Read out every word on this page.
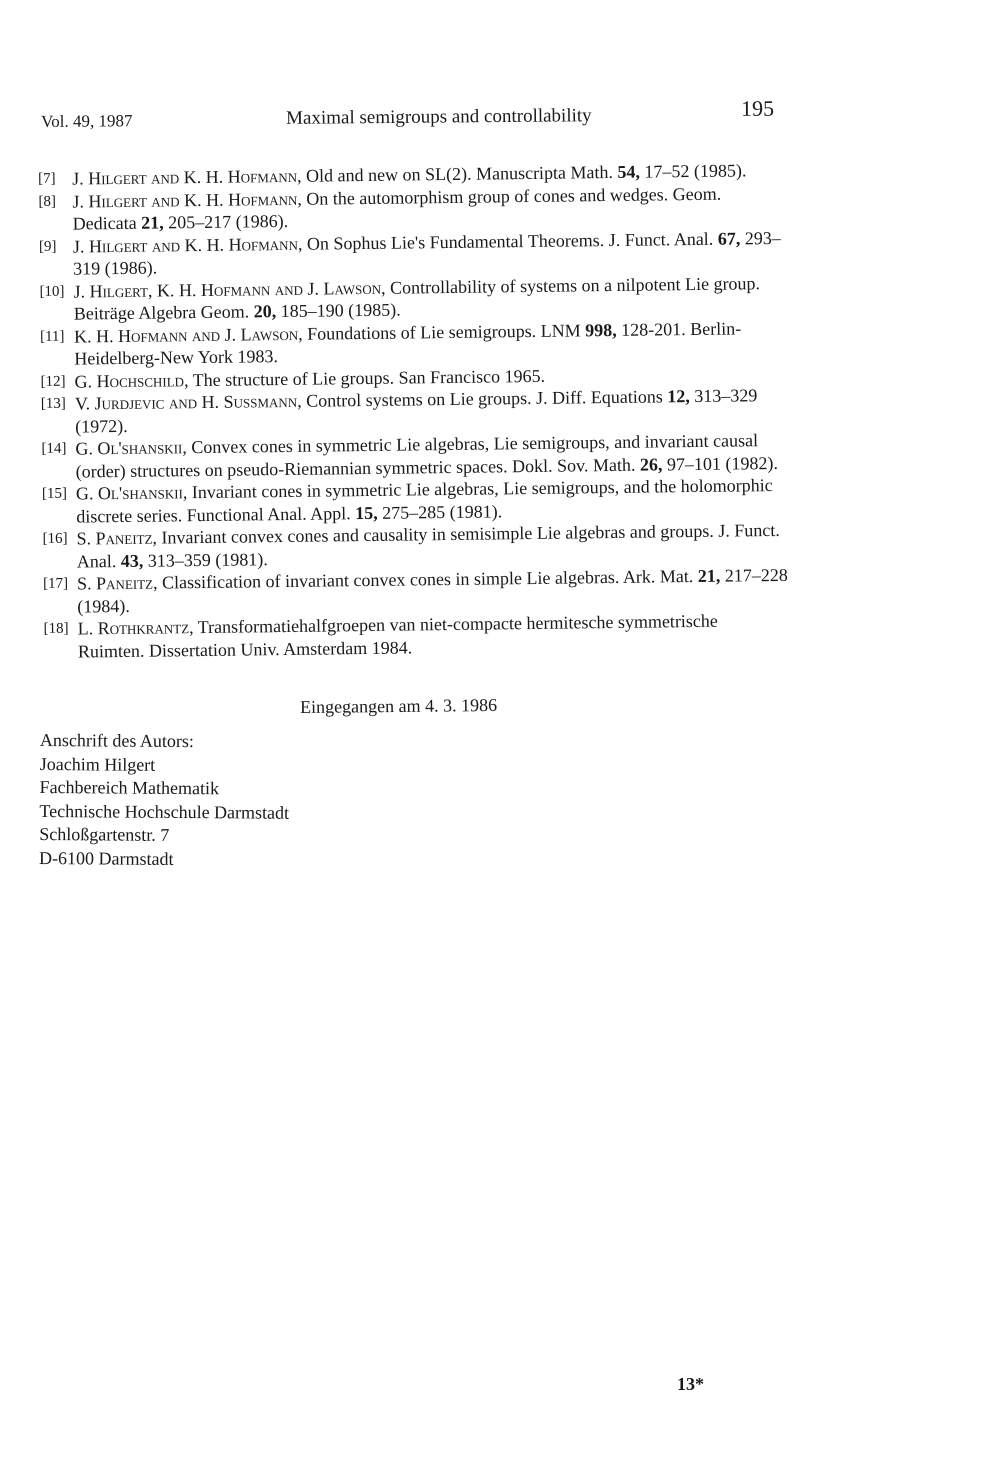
Vol. 49, 1987	Maximal semigroups and controllability	195

[7] J. Hilgert and K. H. Hofmann, Old and new on SL(2). Manuscripta Math. 54, 17–52 (1985).

[8] J. Hilgert and K. H. Hofmann, On the automorphism group of cones and wedges. Geom. Dedicata 21, 205–217 (1986).

[9] J. Hilgert and K. H. Hofmann, On Sophus Lie's Fundamental Theorems. J. Funct. Anal. 67, 293–319 (1986).

[10] J. Hilgert, K. H. Hofmann and J. Lawson, Controllability of systems on a nilpotent Lie group. Beiträge Algebra Geom. 20, 185–190 (1985).

[11] K. H. Hofmann and J. Lawson, Foundations of Lie semigroups. LNM 998, 128-201. Berlin-Heidelberg-New York 1983.

[12] G. Hochschild, The structure of Lie groups. San Francisco 1965.

[13] V. Jurdjevic and H. Sussmann, Control systems on Lie groups. J. Diff. Equations 12, 313–329 (1972).

[14] G. Ol'shanskii, Convex cones in symmetric Lie algebras, Lie semigroups, and invariant causal (order) structures on pseudo-Riemannian symmetric spaces. Dokl. Sov. Math. 26, 97–101 (1982).

[15] G. Ol'shanskii, Invariant cones in symmetric Lie algebras, Lie semigroups, and the holomorphic discrete series. Functional Anal. Appl. 15, 275–285 (1981).

[16] S. Paneitz, Invariant convex cones and causality in semisimple Lie algebras and groups. J. Funct. Anal. 43, 313–359 (1981).

[17] S. Paneitz, Classification of invariant convex cones in simple Lie algebras. Ark. Mat. 21, 217–228 (1984).

[18] L. Rothkrantz, Transformatiehalfgroepen van niet-compacte hermitesche symmetrische Ruimten. Dissertation Univ. Amsterdam 1984.

Eingegangen am 4. 3. 1986
Anschrift des Autors:
Joachim Hilgert
Fachbereich Mathematik
Technische Hochschule Darmstadt
Schloßgartenstr. 7
D-6100 Darmstadt
13*
